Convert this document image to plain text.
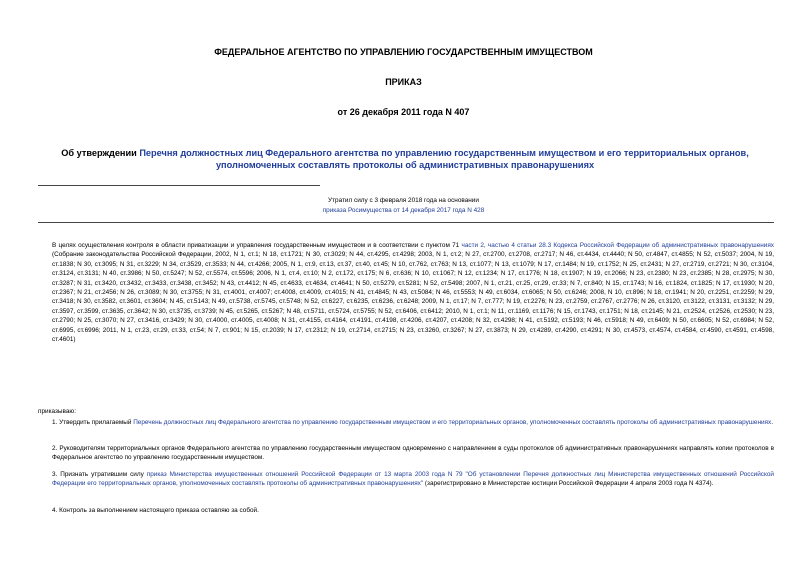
ФЕДЕРАЛЬНОЕ АГЕНТСТВО ПО УПРАВЛЕНИЮ ГОСУДАРСТВЕННЫМ ИМУЩЕСТВОМ
ПРИКАЗ
от 26 декабря 2011 года N 407
Об утверждении Перечня должностных лиц Федерального агентства по управлению государственным имуществом и его территориальных органов, уполномоченных составлять протоколы об административных правонарушениях
Утратил силу с 3 февраля 2018 года на основании
приказа Росимущества от 14 декабря 2017 года N 428
В целях осуществления контроля в области приватизации и управления государственным имуществом и в соответствии с пунктом 71 части 2, частью 4 статьи 28.3 Кодекса Российской Федерации об административных правонарушениях (Собрание законодательства Российской Федерации, 2002, N 1, ст.1; N 18, ст.1721; N 30, ст.3029; N 44, ст.4295, ст.4298; 2003, N 1, ст.2; N 27, ст.2700, ст.2708, ст.2717; N 46, ст.4434, ст.4440; N 50, ст.4847, ст.4855; N 52, ст.5037; 2004, N 19, ст.1838; N 30, ст.3095; N 31, ст.3229; N 34, ст.3529, ст.3533; N 44, ст.4266; 2005, N 1, ст.9, ст.13, ст.37, ст.40, ст.45; N 10, ст.762, ст.763; N 13, ст.1077; N 13, ст.1079; N 17, ст.1484; N 19, ст.1752; N 25, ст.2431; N 27, ст.2719, ст.2721; N 30, ст.3104, ст.3124, ст.3131; N 40, ст.3986; N 50, ст.5247; N 52, ст.5574, ст.5596; 2006, N 1, ст.4, ст.10; N 2, ст.172, ст.175; N 6, ст.636; N 10, ст.1067; N 12, ст.1234; N 17, ст.1776; N 18, ст.1907; N 19, ст.2066; N 23, ст.2380; N 23, ст.2385; N 28, ст.2975; N 30, ст.3287; N 31, ст.3420, ст.3432, ст.3433, ст.3438, ст.3452; N 43, ст.4412; N 45, ст.4633, ст.4634, ст.4641; N 50, ст.5279, ст.5281; N 52, ст.5498; 2007, N 1, ст.21, ст.25, ст.29, ст.33; N 7, ст.840; N 15, ст.1743; N 16, ст.1824, ст.1825; N 17, ст.1930; N 20, ст.2367; N 21, ст.2456; N 26, ст.3089; N 30, ст.3755; N 31, ст.4001, ст.4007; ст.4008, ст.4009, ст.4015; N 41, ст.4845; N 43, ст.5084; N 46, ст.5553; N 49, ст.6034, ст.6065; N 50, ст.6246; 2008, N 10, ст.896; N 18, ст.1941; N 20, ст.2251, ст.2259; N 29, ст.3418; N 30, ст.3582, ст.3601, ст.3604; N 45, ст.5143; N 49, ст.5738, ст.5745, ст.5748; N 52, ст.6227, ст.6235, ст.6236, ст.6248; 2009, N 1, ст.17; N 7, ст.777; N 19, ст.2276; N 23, ст.2759, ст.2767, ст.2776; N 26, ст.3120, ст.3122, ст.3131, ст.3132; N 29, ст.3597, ст.3599, ст.3635, ст.3642; N 30, ст.3735, ст.3739; N 45, ст.5265, ст.5267; N 48, ст.5711, ст.5724, ст.5755; N 52, ст.6406, ст.6412; 2010, N 1, ст.1; N 11, ст.1169, ст.1176; N 15, ст.1743, ст.1751; N 18, ст.2145; N 21, ст.2524, ст.2526, ст.2530; N 23, ст.2790; N 25, ст.3070; N 27, ст.3416, ст.3429; N 30, ст.4000, ст.4005, ст.4008; N 31, ст.4155, ст.4164, ст.4191, ст.4198, ст.4206, ст.4207, ст.4208; N 32, ст.4298; N 41, ст.5192, ст.5193; N 46, ст.5918; N 49, ст.6409; N 50, ст.6605; N 52, ст.6984; N 52, ст.6995, ст.6996; 2011, N 1, ст.23, ст.29, ст.33, ст.54; N 7, ст.901; N 15, ст.2039; N 17, ст.2312; N 19, ст.2714, ст.2715; N 23, ст.3260, ст.3267; N 27, ст.3873; N 29, ст.4289, ст.4290, ст.4291; N 30, ст.4573, ст.4574, ст.4584, ст.4590, ст.4591, ст.4598, ст.4601)
приказываю:
1. Утвердить прилагаемый Перечень должностных лиц Федерального агентства по управлению государственным имуществом и его территориальных органов, уполномоченных составлять протоколы об административных правонарушениях.
2. Руководителям территориальных органов Федерального агентства по управлению государственным имуществом одновременно с направлением в суды протоколов об административных правонарушениях направлять копии протоколов в Федеральное агентство по управлению государственным имуществом.
3. Признать утратившим силу приказ Министерства имущественных отношений Российской Федерации от 13 марта 2003 года N 79 "Об установлении Перечня должностных лиц Министерства имущественных отношений Российской Федерации его территориальных органов, уполномоченных составлять протоколы об административных правонарушениях" (зарегистрировано в Министерстве юстиции Российской Федерации 4 апреля 2003 года N 4374).
4. Контроль за выполнением настоящего приказа оставляю за собой.
